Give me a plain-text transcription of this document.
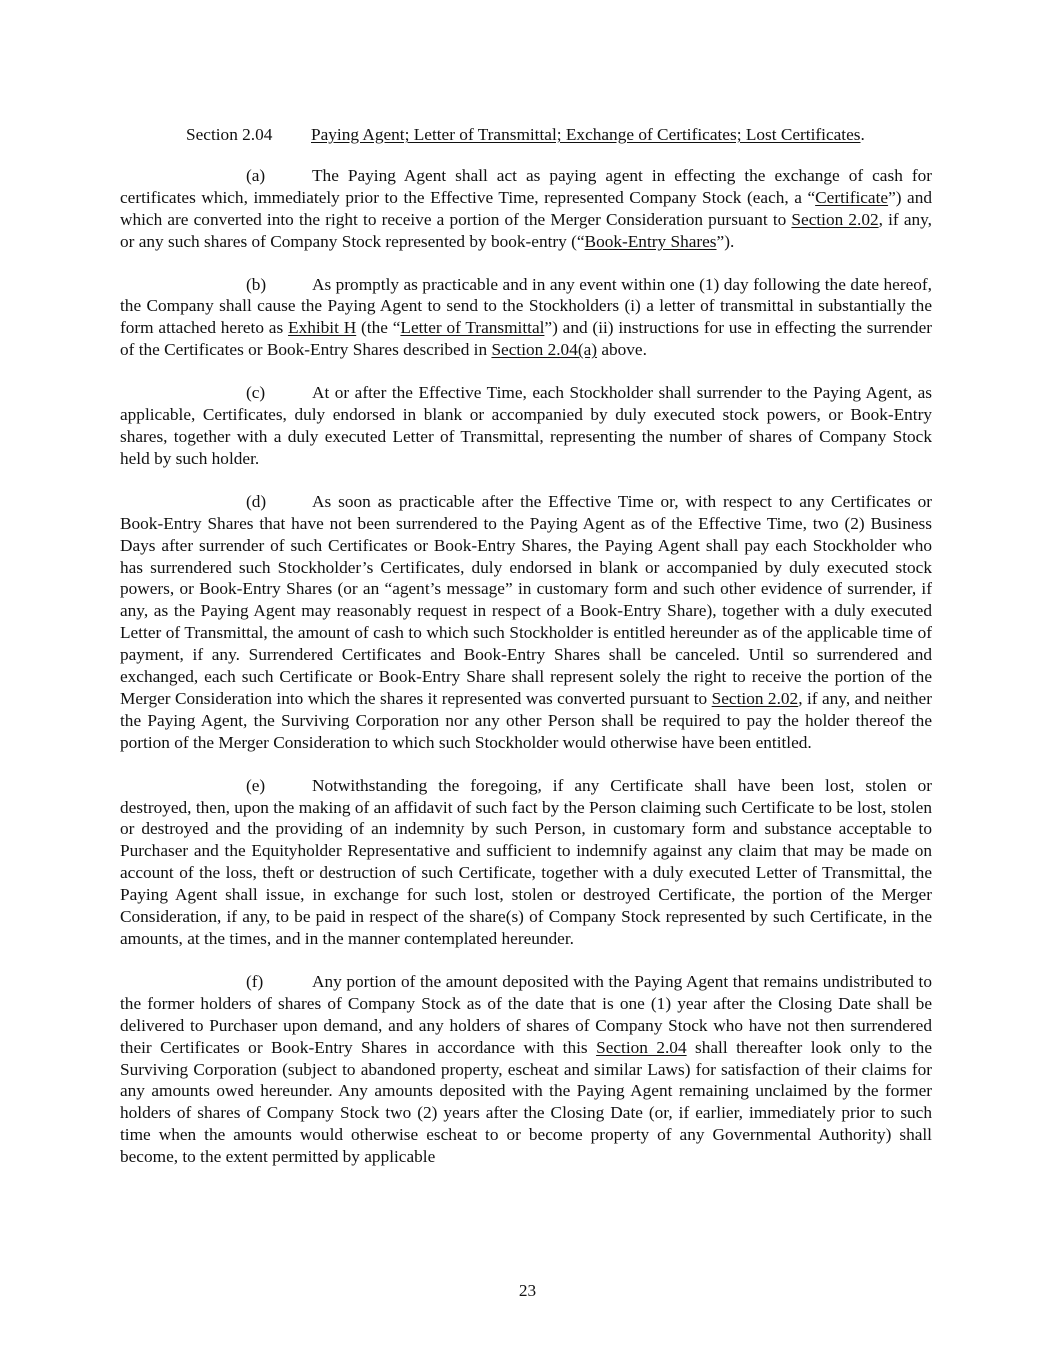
Section 2.04 Paying Agent; Letter of Transmittal; Exchange of Certificates; Lost Certificates.

(a)	The Paying Agent shall act as paying agent in effecting the exchange of cash for certificates which, immediately prior to the Effective Time, represented Company Stock (each, a “Certificate”) and which are converted into the right to receive a portion of the Merger Consideration pursuant to Section 2.02, if any, or any such shares of Company Stock represented by book-entry (“Book-Entry Shares”).

(b)	As promptly as practicable and in any event within one (1) day following the date hereof, the Company shall cause the Paying Agent to send to the Stockholders (i) a letter of transmittal in substantially the form attached hereto as Exhibit H (the “Letter of Transmittal”) and (ii) instructions for use in effecting the surrender of the Certificates or Book-Entry Shares described in Section 2.04(a) above.

(c)	At or after the Effective Time, each Stockholder shall surrender to the Paying Agent, as applicable, Certificates, duly endorsed in blank or accompanied by duly executed stock powers, or Book-Entry shares, together with a duly executed Letter of Transmittal, representing the number of shares of Company Stock held by such holder.

(d)	As soon as practicable after the Effective Time or, with respect to any Certificates or Book-Entry Shares that have not been surrendered to the Paying Agent as of the Effective Time, two (2) Business Days after surrender of such Certificates or Book-Entry Shares, the Paying Agent shall pay each Stockholder who has surrendered such Stockholder’s Certificates, duly endorsed in blank or accompanied by duly executed stock powers, or Book-Entry Shares (or an “agent’s message” in customary form and such other evidence of surrender, if any, as the Paying Agent may reasonably request in respect of a Book-Entry Share), together with a duly executed Letter of Transmittal, the amount of cash to which such Stockholder is entitled hereunder as of the applicable time of payment, if any. Surrendered Certificates and Book-Entry Shares shall be canceled. Until so surrendered and exchanged, each such Certificate or Book-Entry Share shall represent solely the right to receive the portion of the Merger Consideration into which the shares it represented was converted pursuant to Section 2.02, if any, and neither the Paying Agent, the Surviving Corporation nor any other Person shall be required to pay the holder thereof the portion of the Merger Consideration to which such Stockholder would otherwise have been entitled.

(e)	Notwithstanding the foregoing, if any Certificate shall have been lost, stolen or destroyed, then, upon the making of an affidavit of such fact by the Person claiming such Certificate to be lost, stolen or destroyed and the providing of an indemnity by such Person, in customary form and substance acceptable to Purchaser and the Equityholder Representative and sufficient to indemnify against any claim that may be made on account of the loss, theft or destruction of such Certificate, together with a duly executed Letter of Transmittal, the Paying Agent shall issue, in exchange for such lost, stolen or destroyed Certificate, the portion of the Merger Consideration, if any, to be paid in respect of the share(s) of Company Stock represented by such Certificate, in the amounts, at the times, and in the manner contemplated hereunder.

(f)	Any portion of the amount deposited with the Paying Agent that remains undistributed to the former holders of shares of Company Stock as of the date that is one (1) year after the Closing Date shall be delivered to Purchaser upon demand, and any holders of shares of Company Stock who have not then surrendered their Certificates or Book-Entry Shares in accordance with this Section 2.04 shall thereafter look only to the Surviving Corporation (subject to abandoned property, escheat and similar Laws) for satisfaction of their claims for any amounts owed hereunder. Any amounts deposited with the Paying Agent remaining unclaimed by the former holders of shares of Company Stock two (2) years after the Closing Date (or, if earlier, immediately prior to such time when the amounts would otherwise escheat to or become property of any Governmental Authority) shall become, to the extent permitted by applicable

23
